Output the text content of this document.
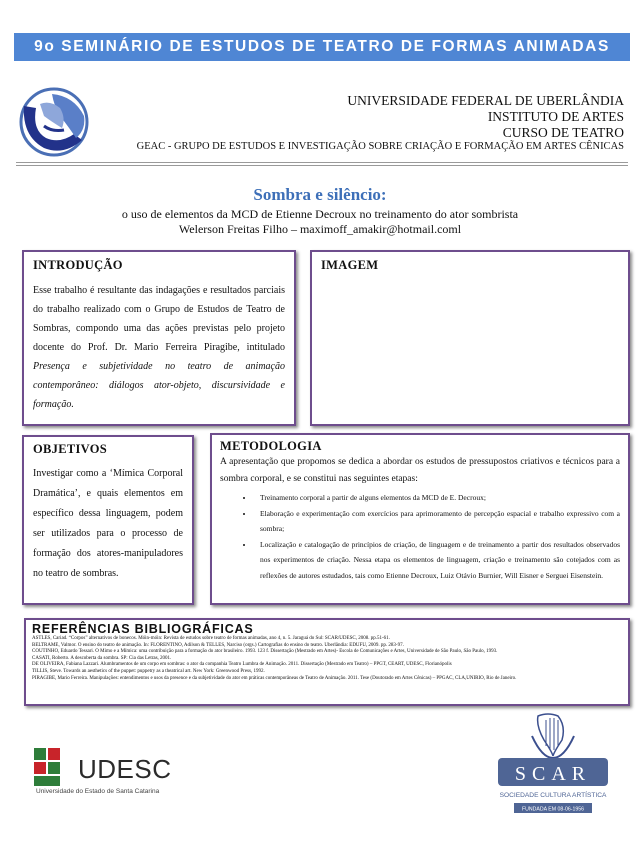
9o SEMINÁRIO DE ESTUDOS DE TEATRO DE FORMAS ANIMADAS
UNIVERSIDADE FEDERAL DE UBERLÂNDIA
INSTITUTO DE ARTES
CURSO DE TEATRO
GEAC - GRUPO DE ESTUDOS E INVESTIGAÇÃO SOBRE CRIAÇÃO E FORMAÇÃO EM ARTES CÊNICAS
Sombra e silêncio:
o uso de elementos da MCD de Etienne Decroux no treinamento do ator sombrista
Welerson Freitas Filho – maximoff_amakir@hotmail.coml
INTRODUÇÃO

Esse trabalho é resultante das indagações e resultados parciais do trabalho realizado com o Grupo de Estudos de Teatro de Sombras, compondo uma das ações previstas pelo projeto docente do Prof. Dr. Mario Ferreira Piragibe, intitulado Presença e subjetividade no teatro de animação contemporâneo: diálogos ator-objeto, discursividade e formação.

IMAGEM
OBJETIVOS

Investigar como a ‘Mímica Corporal Dramática’, e quais elementos em específico dessa linguagem, podem ser utilizados para o processo de formação dos atores-manipuladores no teatro de sombras.

METODOLOGIA

A apresentação que propomos se dedica a abordar os estudos de pressupostos criativos e técnicos para a sombra corporal, e se constitui nas seguintes etapas:

• Treinamento corporal a partir de alguns elementos da MCD de E. Decroux;
• Elaboração e experimentação com exercícios para aprimoramento de percepção espacial e trabalho expressivo com a sombra;
• Localização e catalogação de princípios de criação, de linguagem e de treinamento a partir dos resultados observados nos experimentos de criação. Nessa etapa os elementos de linguagem, criação e treinamento são cotejados com as reflexões de autores estudados, tais como Etienne Decroux, Luiz Otávio Burnier, Will Eisner e Serguei Eisenstein.
REFERÊNCIAS BIBLIOGRÁFICAS
ASTLES, Cariad. “Corpos” alternativos de bonecos. Móin-móin: Revista de estudos sobre teatro de formas animadas, ano 4, n. 5. Jaraguá do Sul: SCAR/UDESC, 2008. pp.51-61.
BELTRAME, Valmor. O ensino do teatro de animação. In: FLORENTINO, Adilson & TELLES, Narciso (orgs.) Cartografias do ensino do teatro. Uberlândia: EDUFU, 2009. pp. 283-97.
COUTINHO, Eduardo Tessari. O Mimo e a Mímica: uma contribuição para a formação do ator brasileiro. 1993. 123 f. Dissertação (Mestrado em Artes)- Escola de Comunicações e Artes, Universidade de São Paulo, São Paulo, 1993.
CASATI, Roberto. A descoberta da sombra. SP: Cia das Letras, 2001.
DE OLIVEIRA, Fabiana Lazzari. Alumbramentos de um corpo em sombras: o ator da companhia Teatro Lumbra de Animação. 2011. Dissertação (Mestrado em Teatro) – PPGT, CEART, UDESC, Florianópolis
TILLIS, Steve. Towards an aesthetics of the puppet: puppetry as a theatrical art. New York: Greenwood Press, 1992.
PIRAGIBE, Mario Ferreira. Manipulações: entendimentos e usos da presence e da subjetividade do ator em práticas contemporâneas de Teatro de Animação. 2011. Tese (Doutorado em Artes Cênicas) – PPGAC, CLA,UNIRIO, Rio de Janeiro.
UDESC
Universidade do Estado de Santa Catarina
SCAR
SOCIEDADE CULTURA ARTÍSTICA
FUNDADA EM 08-06-1956
